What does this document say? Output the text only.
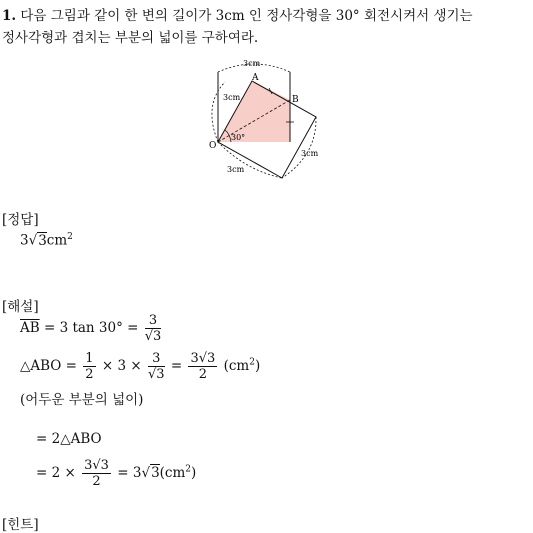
1. 다음 그림과 같이 한 변의 길이가 3cm 인 정사각형을 30° 회전시켜서 생기는
정사각형과 겹치는 부분의 넓이를 구하여라.
3cm
A
B
3cm
30°
O
3cm
3cm
[정답]
$3√3cm^2$
[해설]
$\overline{AB} = 3$ $\tan 30^\circ = \frac{3}{√3}$
△ABO = $\frac{1}{2} \times 3 \times \frac{3}{√3} = \frac{3√3}{2} (cm^2)$
(어두운 부분의 넓이)
= 2△ABO
= $2 \times \frac{3√3}{2} = 3√3(cm^2)$
[힌트]
